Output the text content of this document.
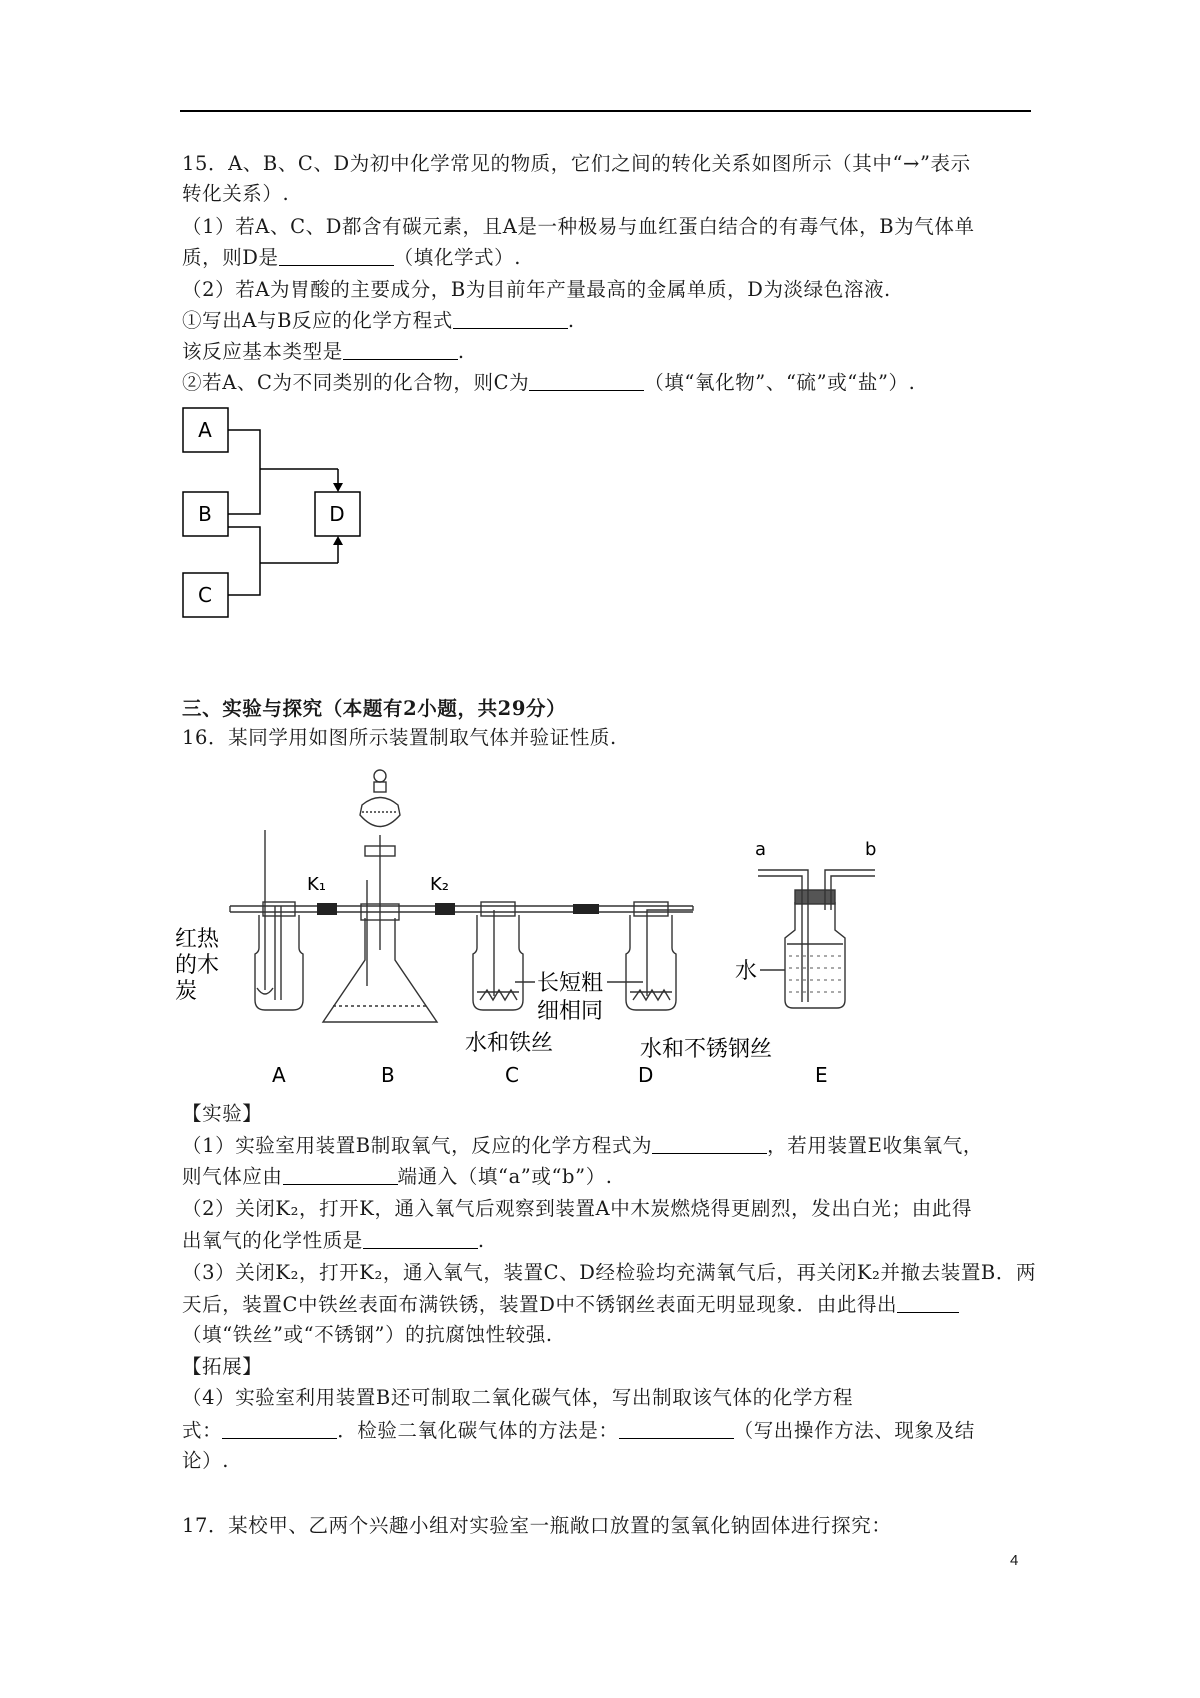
15．A、B、C、D为初中化学常见的物质，它们之间的转化关系如图所示（其中“→”表示
转化关系）.
（1）若A、C、D都含有碳元素，且A是一种极易与血红蛋白结合的有毒气体，B为气体单
质，则D是	（填化学式）.
（2）若A为胃酸的主要成分，B为目前年产量最高的金属单质，D为淡绿色溶液.
①写出A与B反应的化学方程式	.
该反应基本类型是	.
②若A、C为不同类别的化合物，则C为	（填“氧化物”、“硫”或“盐”）.
A
B
C
D
三、实验与探究（本题有2小题，共29分）
16．某同学用如图所示装置制取气体并验证性质.
K₁	K₂
红热
的木
炭	长短粗
细相同
水和铁丝	水和不锈钢丝
水
a	b
A	B	C	D	E
【实验】
（1）实验室用装置B制取氧气，反应的化学方程式为	，若用装置E收集氧气，
则气体应由	端通入（填“a”或“b”）.
（2）关闭K₂，打开K，通入氧气后观察到装置A中木炭燃烧得更剧烈，发出白光；由此得
出氧气的化学性质是	.
（3）关闭K₂，打开K₂，通入氧气，装置C、D经检验均充满氧气后，再关闭K₂并撤去装置B．两
天后，装置C中铁丝表面布满铁锈，装置D中不锈钢丝表面无明显现象．由此得出
（填“铁丝”或“不锈钢”）的抗腐蚀性较强.
【拓展】
（4）实验室利用装置B还可制取二氧化碳气体，写出制取该气体的化学方程
式：	．检验二氧化碳气体的方法是：	（写出操作方法、现象及结
论）.
17．某校甲、乙两个兴趣小组对实验室一瓶敞口放置的氢氧化钠固体进行探究：
4
